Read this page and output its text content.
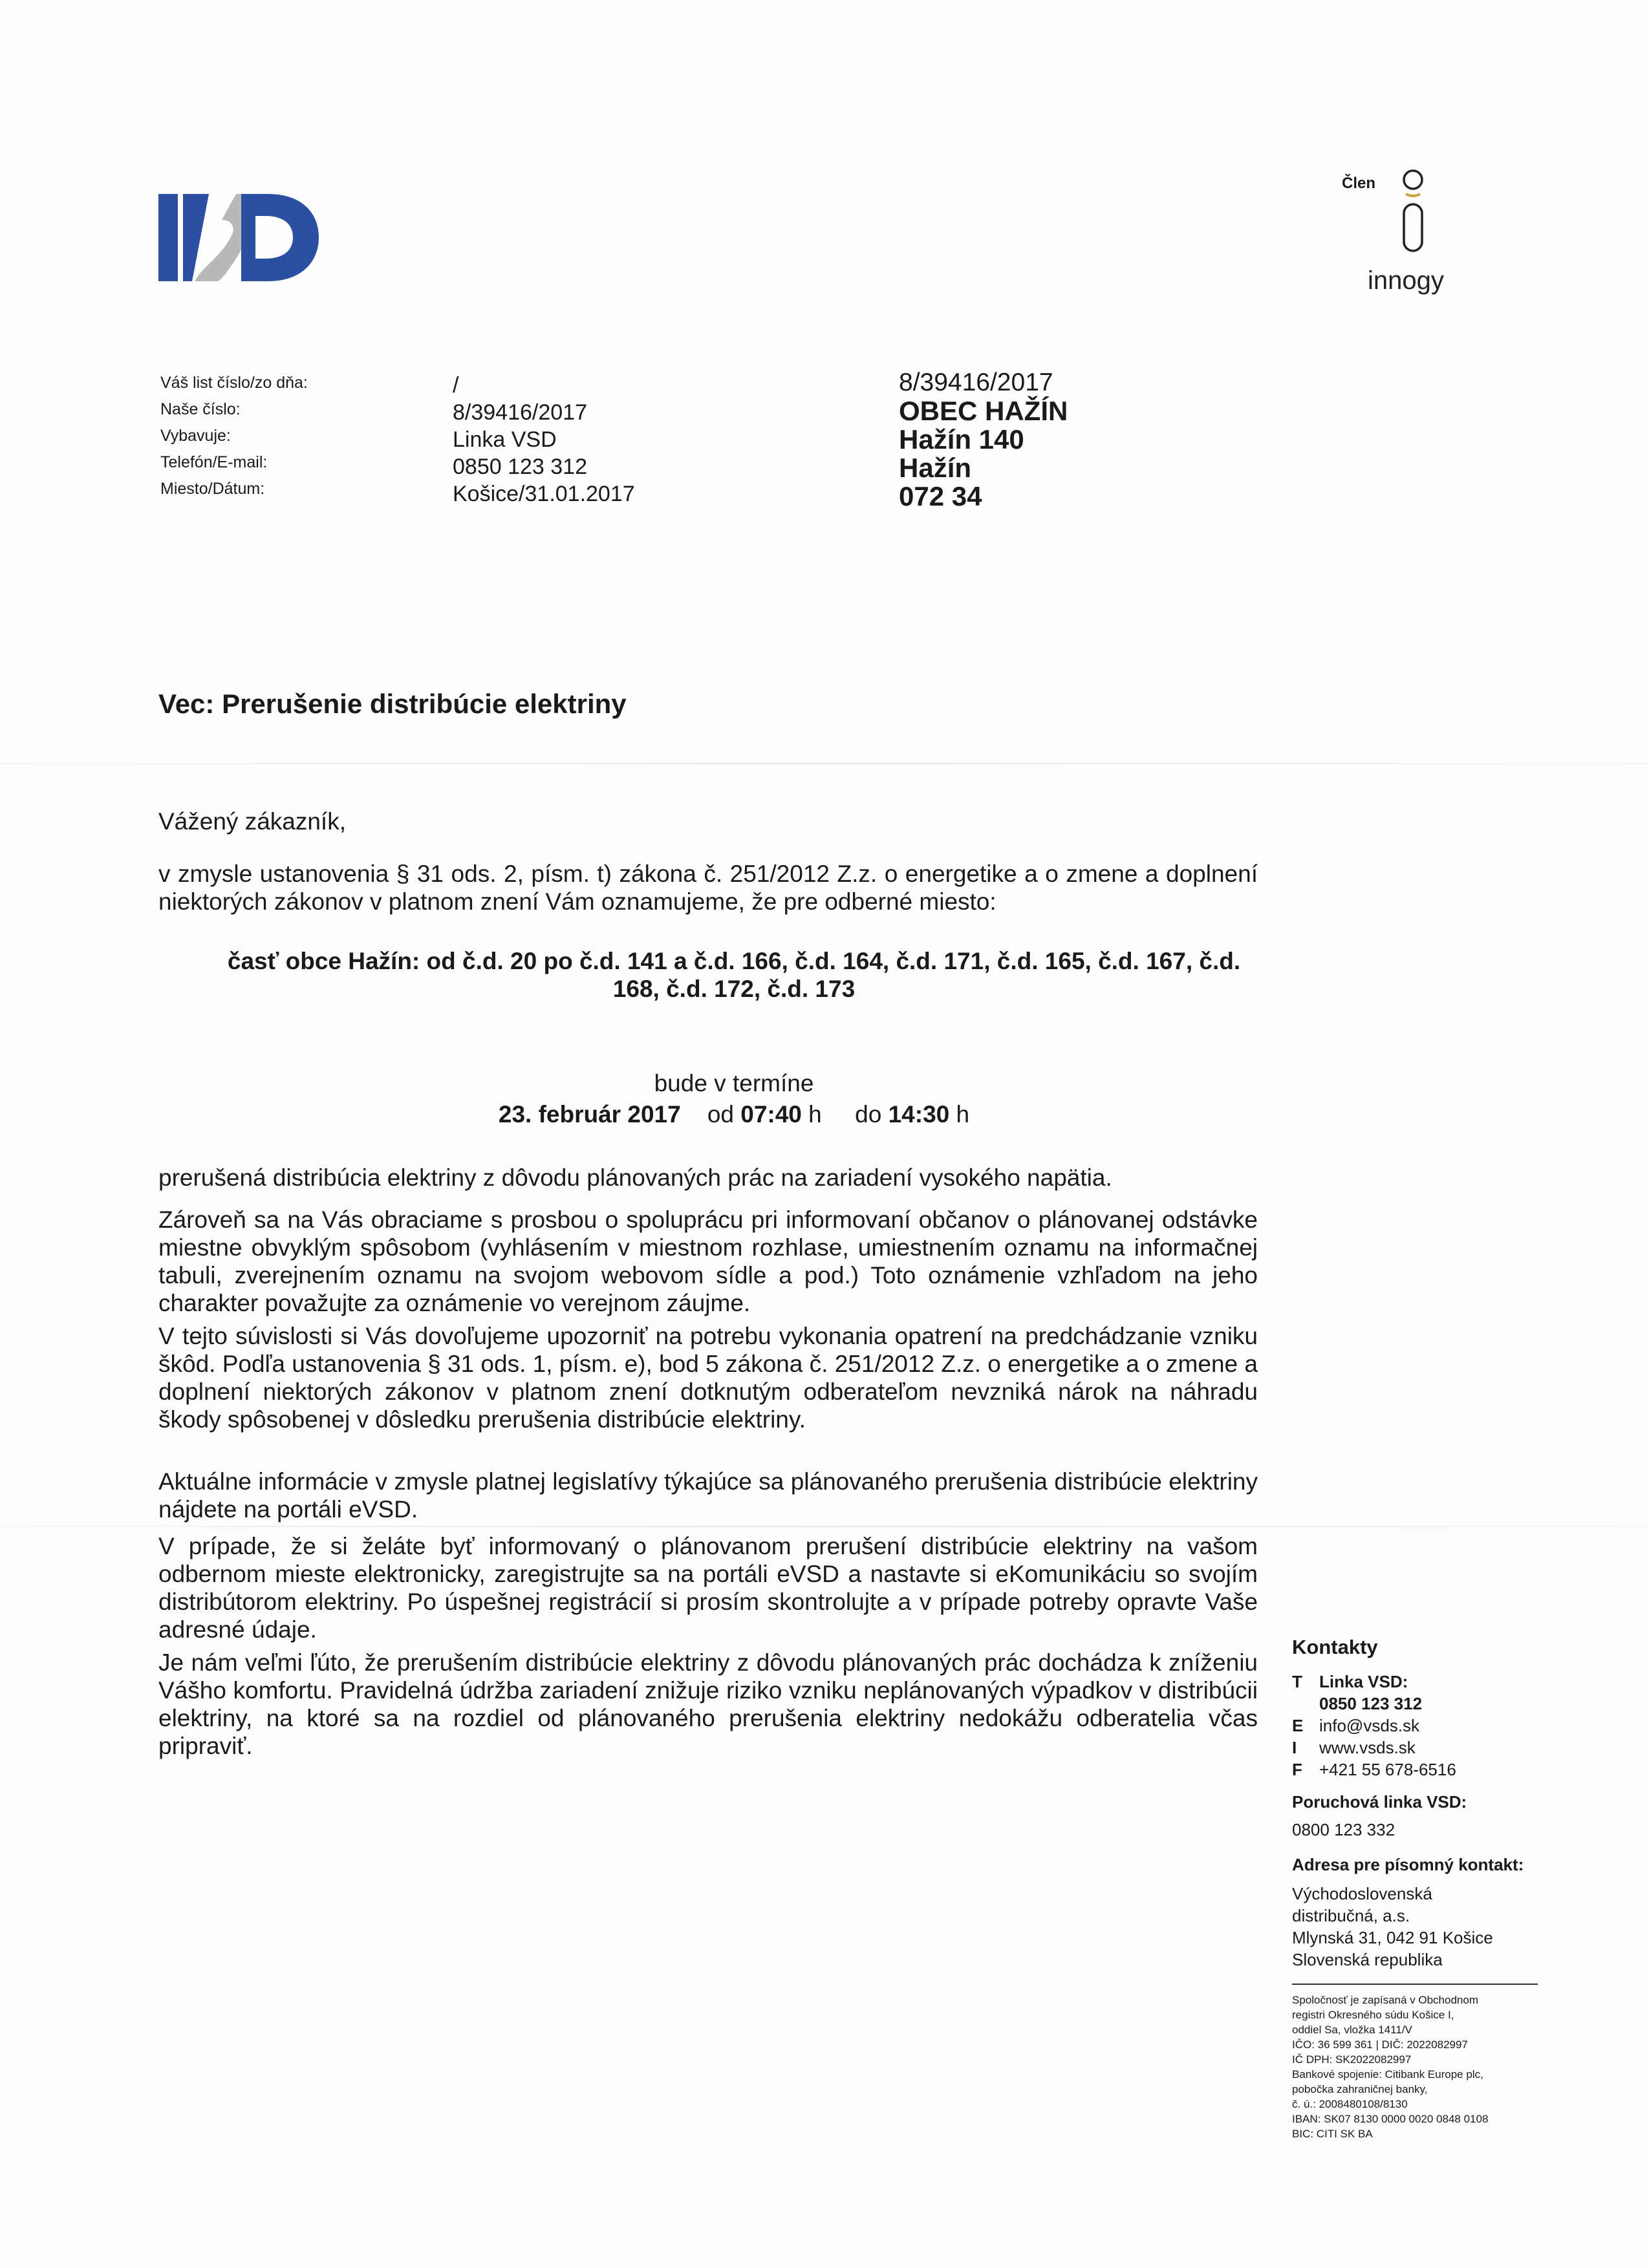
Člen
innogy
Váš list číslo/zo dňa:
Naše číslo:
Vybavuje:
Telefón/E-mail:
Miesto/Dátum:
/
8/39416/2017
Linka VSD
0850 123 312
Košice/31.01.2017
8/39416/2017
OBEC HAŽÍN
Hažín 140
Hažín
072 34
Vec: Prerušenie distribúcie elektriny
Vážený zákazník,
v zmysle ustanovenia § 31 ods. 2, písm. t) zákona č. 251/2012 Z.z. o energetike a o zmene a doplnení niektorých zákonov v platnom znení Vám oznamujeme, že pre odberné miesto:
časť obce Hažín: od č.d. 20 po č.d. 141 a č.d. 166, č.d. 164, č.d. 171, č.d. 165, č.d. 167, č.d.
168, č.d. 172, č.d. 173
bude v termíne
23. február 2017 od 07:40 h do 14:30 h
prerušená distribúcia elektriny z dôvodu plánovaných prác na zariadení vysokého napätia.
Zároveň sa na Vás obraciame s prosbou o spoluprácu pri informovaní občanov o plánovanej odstávke miestne obvyklým spôsobom (vyhlásením v miestnom rozhlase, umiestnením oznamu na informačnej tabuli, zverejnením oznamu na svojom webovom sídle a pod.) Toto oznámenie vzhľadom na jeho charakter považujte za oznámenie vo verejnom záujme.
V tejto súvislosti si Vás dovoľujeme upozorniť na potrebu vykonania opatrení na predchádzanie vzniku škôd. Podľa ustanovenia § 31 ods. 1, písm. e), bod 5 zákona č. 251/2012 Z.z. o energetike a o zmene a doplnení niektorých zákonov v platnom znení dotknutým odberateľom nevzniká nárok na náhradu škody spôsobenej v dôsledku prerušenia distribúcie elektriny.
Aktuálne informácie v zmysle platnej legislatívy týkajúce sa plánovaného prerušenia distribúcie elektriny nájdete na portáli eVSD.
V prípade, že si želáte byť informovaný o plánovanom prerušení distribúcie elektriny na vašom odbernom mieste elektronicky, zaregistrujte sa na portáli eVSD a nastavte si eKomunikáciu so svojím distribútorom elektriny. Po úspešnej registrácií si prosím skontrolujte a v prípade potreby opravte Vaše adresné údaje.
Je nám veľmi ľúto, že prerušením distribúcie elektriny z dôvodu plánovaných prác dochádza k zníženiu Vášho komfortu. Pravidelná údržba zariadení znižuje riziko vzniku neplánovaných výpadkov v distribúcii elektriny, na ktoré sa na rozdiel od plánovaného prerušenia elektriny nedokážu odberatelia včas pripraviť.
Kontakty
T Linka VSD:
0850 123 312
E info@vsds.sk
I www.vsds.sk
F +421 55 678-6516
Poruchová linka VSD:
0800 123 332
Adresa pre písomný kontakt:
Východoslovenská
distribučná, a.s.
Mlynská 31, 042 91 Košice
Slovenská republika
Spoločnosť je zapísaná v Obchodnom
registri Okresného súdu Košice I,
oddiel Sa, vložka 1411/V
IČO: 36 599 361 | DIČ: 2022082997
IČ DPH: SK2022082997
Bankové spojenie: Citibank Europe plc,
pobočka zahraničnej banky,
č. ú.: 2008480108/8130
IBAN: SK07 8130 0000 0020 0848 0108
BIC: CITI SK BA
